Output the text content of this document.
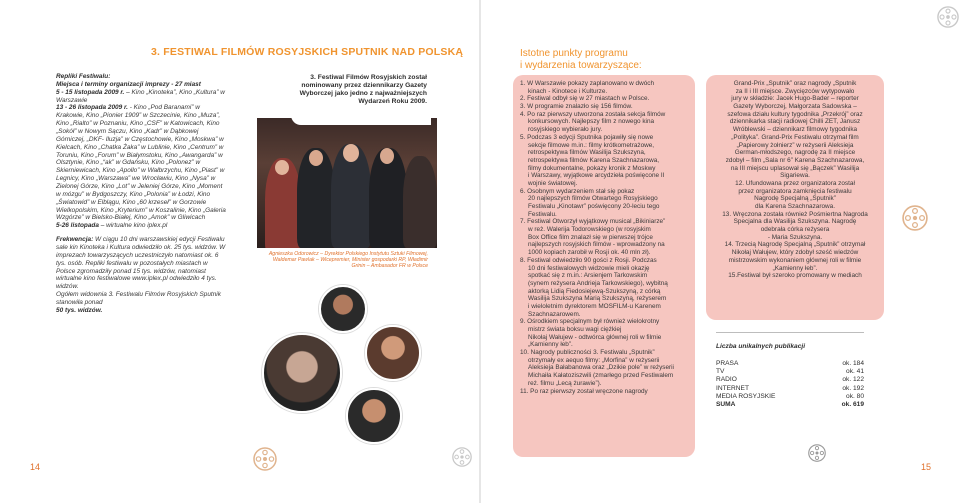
14	15

Repliki Festiwalu:
Miejsca i terminy organizacji imprezy - 27 miast
5 - 15 listopada 2009 r. – Kino „Kinoteka”, Kino „Kultura” w Warszawie
13 - 26 listopada 2009 r. - Kino „Pod Baranami” w Krakowie, Kino „Pionier 1909” w Szczecinie, Kino „Muza”, Kino „Rialto” w Poznaniu, Kino „CSF” w Katowicach, Kino „Sokół” w Nowym Sączu, Kino „Kadr” w Dąbkowej Górniczej, „DKF- Iluzja” w Częstochowie, Kino „Moskwa” w Kielcach, Kino „Chatka Żaka” w Lublinie, Kino „Centrum” w Toruniu, Kino „Forum” w Białymstoku, Kino „Awangarda” w Olsztynie, Kino „“ak” w Gdańsku, Kino „Polonez” w Skierniewicach, Kino „Apollo” w Wałbrzychu, Kino „Piast” w Legnicy, Kino „Warszawa” we Wrocławiu, Kino „Nysa” w Zielonej Górze, Kino „Lot” w Jeleniej Górze, Kino „Moment w mózgu” w Bydgoszczy, Kino „Polonia” w Łodzi, Kino „Światowid” w Elblągu, Kino „60 krzeseł” w Gorzowie Wielkopolskim, Kino „Kryterium” w Koszalinie, Kino „Galeria Wzgórze” w Bielsko-Białej, Kino „Amok” w Gliwicach
5-26 listopada – wirtualne kino iplex.pl

Frekwencja: W ciągu 10 dni warszawskiej edycji Festiwalu sale kin Kinoteka i Kultura odwiedziło ok. 25 tys. widzów. W imprezach towarzyszących uczestniczyło natomiast ok. 6 tys. osób. Repliki festiwalu w pozostałych miastach w Polsce zgromadziły ponad 15 tys. widzów, natomiast wirtualne kino festiwalowe www.iplex.pl odwiedziło 4 tys. widzów.
Ogółem widownia 3. Festiwalu Filmów Rosyjskich Sputnik stanowiła ponad
50 tys. widzów.

3. FESTIWAL FILMÓW ROSYJSKICH SPUTNIK NAD POLSKĄ
3. Festiwal Filmów Rosyjskich został nominowany przez dziennikarzy Gazety Wyborczej jako jedno z najważniejszych Wydarzeń Roku 2009.
Agnieszka Odorowicz – Dyrektor Polskiego Instytutu Sztuki Filmowej, Waldemar Pawlak – Wicepremier, Minister gospodarki RP, Władimir Grinin – Ambasador FR w Polsce
Istotne punkty programu
i wydarzenia towarzyszące:

1. W Warszawie pokazy zaplanowano w dwóch

kinach - Kinotece i Kulturze.

2. Festiwal odbył się w 27 miastach w Polsce.

3. W programie znalazło się 156 filmów.

4. Po raz pierwszy utworzona została sekcja filmów

konkursowych. Najlepszy film z nowego kina

rosyjskiego wybierało jury.

5. Podczas 3 edycji Sputnika pojawiły się nowe

sekcje filmowe m.in.: filmy krótkometrażowe,

retrospektywa filmów Wasilija Szukszyna,

retrospektywa filmów Karena Szachnazarowa,

filmy dokumentalne, pokazy kronik z Moskwy

i Warszawy, wyjątkowe arcydzieła poświęcone II

wojnie światowej.

6. Osobnym wydarzeniem stał się pokaz

20 najlepszych filmów Otwartego Rosyjskiego

Festiwalu „Kinotawr” poświęcony 20-leciu tego

Festiwalu.

7. Festiwal Otworzył wyjątkowy musical „Bikiniarze”

w reż. Walerija Todorowskiego (w rosyjskim

Box Office film znalazł się w pierwszej trójce

najlepszych rosyjskich filmów - wprowadzony na

1000 kopiach zarobił w Rosji ok. 40 mln zł).

8. Festiwal odwiedziło 90 gości z Rosji. Podczas

10 dni festiwalowych widzowie mieli okazję

spotkać się z m.in.: Arsienjem Tarkowskim

(synem reżysera Andrieja Tarkowskiego), wybitną

aktorką Lidią Fiedosiejewą-Szukszyną, z córką

Wasilija Szukszyna Marią Szukszyną, reżyserem

i wieloletnim dyrektorem MOSFILM-u Karenem

Szachnazarowem.

9. Ośrodkiem specjalnym był również wielokrotny

mistrz świata boksu wagi ciężkiej

Nikołaj Wałujew - odtwórca głównej roli w filmie

„Kamienny łeb”.

10. Nagrody publiczności 3. Festiwalu „Sputnik”

otrzymały ex aequo filmy: „Morfina” w reżyserii

Aleksieja Bałabanowa oraz „Dzikie pole” w reżyserii

Michaiła Kałatoziszwili (zmarłego przed Festiwalem

reż. filmu „Lecą żurawie”).

11. Po raz pierwszy został wręczone nagrody

Grand-Prix „Sputnik” oraz nagrody „Sputnik
za II i III miejsce. Zwycięzców wytypowało
jury w składzie: Jacek Hugo-Bader – reporter
Gazety Wyborczej, Małgorzata Sadowska –
szefowa działu kultury tygodnika „Przekrój” oraz
dziennikarka stacji radiowej Chilli ZET, Janusz
Wróblewski – dziennikarz filmowy tygodnika
„Polityka”. Grand-Prix Festiwalu otrzymał film
„Papierowy żołnierz” w reżyserii Aleksieja
German-młodszego, nagrodę za II miejsce
zdobył – film „Sala nr 6” Karena Szachnazarowa,
na III miejscu uplasował się „Bączek” Wasilija
Sigariewa.
12. Ufundowana przez organizatora został
przez organizatora zamknięcia festiwalu
Nagrodę Specjalną „Sputnik”
dla Karena Szachnazarowa.
13. Wręczona została również Pośmiertna Nagroda
Specjalna dla Wasilija Szukszyna. Nagrodę
odebrała córka reżysera
- Maria Szukszyna.
14. Trzecią Nagrodę Specjalną „Sputnik” otrzymał
Nikołaj Wałujew, który zdobył sześć wiedzów
mistrzowskim wykonaniem głównej roli w filmie
„Kamienny łeb”.
15.Festiwal był szeroko promowany w mediach
Liczba unikalnych publikacji
PRASA	ok. 184
TV	ok. 41
RADIO	ok. 122
INTERNET	ok. 192
MEDIA ROSYJSKIE	ok. 80
SUMA	ok. 619
